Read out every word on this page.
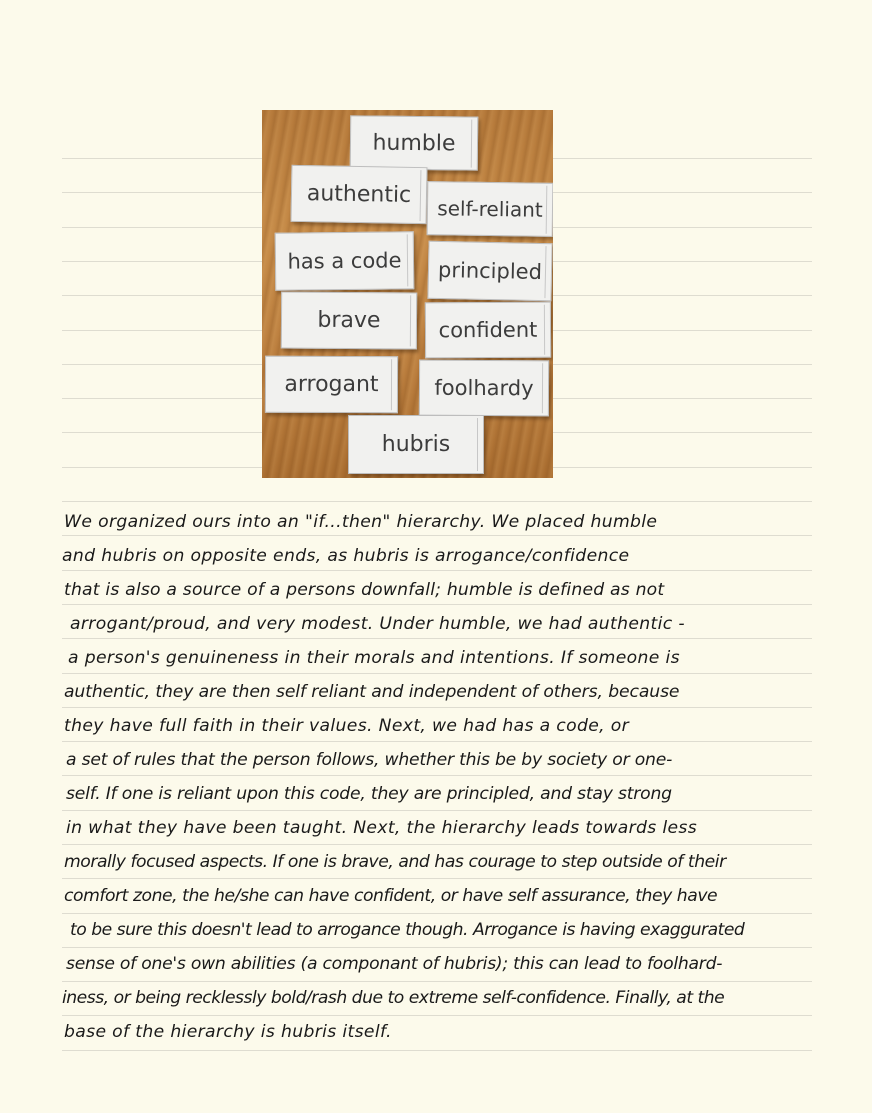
humble
authentic
self-reliant
has a code	principled
brave	confident
arrogant	foolhardy
hubris
We organized ours into an "if...then" hierarchy. We placed humble
and hubris on opposite ends, as hubris is arrogance/confidence
that is also a source of a persons downfall; humble is defined as not
arrogant/proud, and very modest. Under humble, we had authentic -
a person's genuineness in their morals and intentions. If someone is
authentic, they are then self reliant and independent of others, because
they have full faith in their values. Next, we had has a code, or
a set of rules that the person follows, whether this be by society or one-
self. If one is reliant upon this code, they are principled, and stay strong
in what they have been taught. Next, the hierarchy leads towards less
morally focused aspects. If one is brave, and has courage to step outside of their
comfort zone, the he/she can have confident, or have self assurance, they have
to be sure this doesn't lead to arrogance though. Arrogance is having exaggurated
sense of one's own abilities (a componant of hubris); this can lead to foolhard-
iness, or being recklessly bold/rash due to extreme self-confidence. Finally, at the
base of the hierarchy is hubris itself.
